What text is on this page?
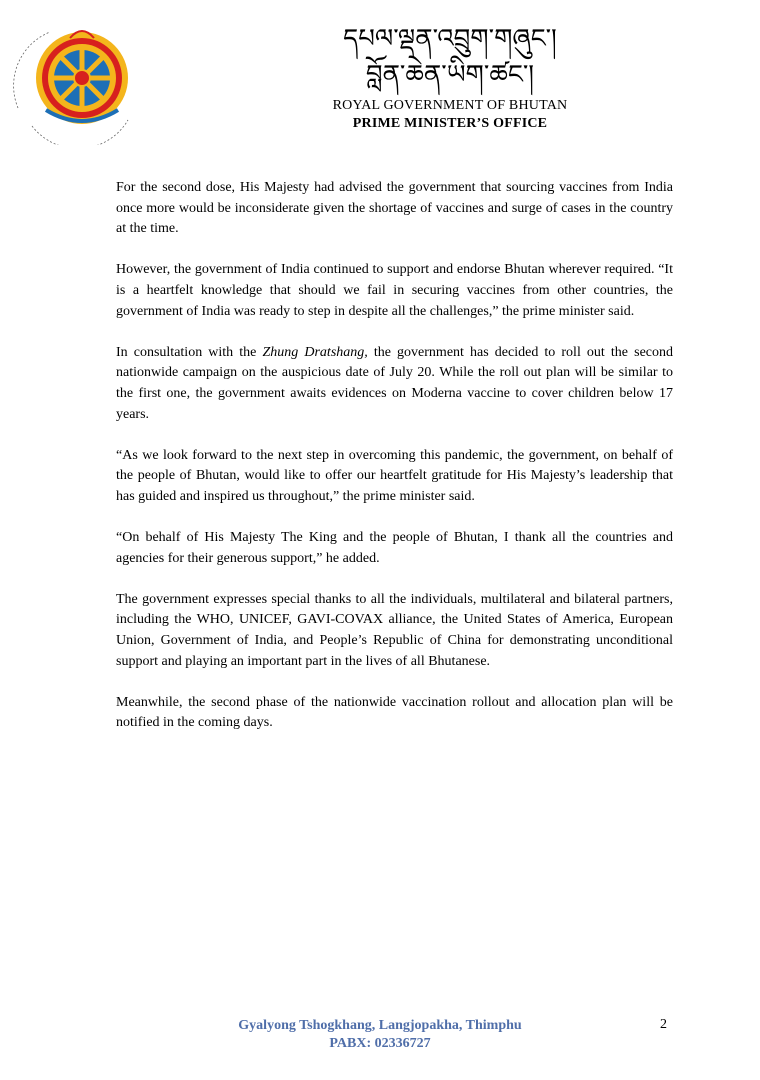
དཔལ་ལྡན་འབྲུག་གཞུང་།
བློན་ཆེན་ཡིག་ཚང་།
ROYAL GOVERNMENT OF BHUTAN
PRIME MINISTER’S OFFICE

For the second dose, His Majesty had advised the government that sourcing vaccines from India once more would be inconsiderate given the shortage of vaccines and surge of cases in the country at the time.

However, the government of India continued to support and endorse Bhutan wherever required. “It is a heartfelt knowledge that should we fail in securing vaccines from other countries, the government of India was ready to step in despite all the challenges,” the prime minister said.

In consultation with the Zhung Dratshang, the government has decided to roll out the second nationwide campaign on the auspicious date of July 20. While the roll out plan will be similar to the first one, the government awaits evidences on Moderna vaccine to cover children below 17 years.

“As we look forward to the next step in overcoming this pandemic, the government, on behalf of the people of Bhutan, would like to offer our heartfelt gratitude for His Majesty’s leadership that has guided and inspired us throughout,” the prime minister said.

“On behalf of His Majesty The King and the people of Bhutan, I thank all the countries and agencies for their generous support,” he added.

The government expresses special thanks to all the individuals, multilateral and bilateral partners, including the WHO, UNICEF, GAVI-COVAX alliance, the United States of America, European Union, Government of India, and People’s Republic of China for demonstrating unconditional support and playing an important part in the lives of all Bhutanese.

Meanwhile, the second phase of the nationwide vaccination rollout and allocation plan will be notified in the coming days.

Gyalyong Tshogkhang, Langjopakha, Thimphu
PABX: 02336727
2
